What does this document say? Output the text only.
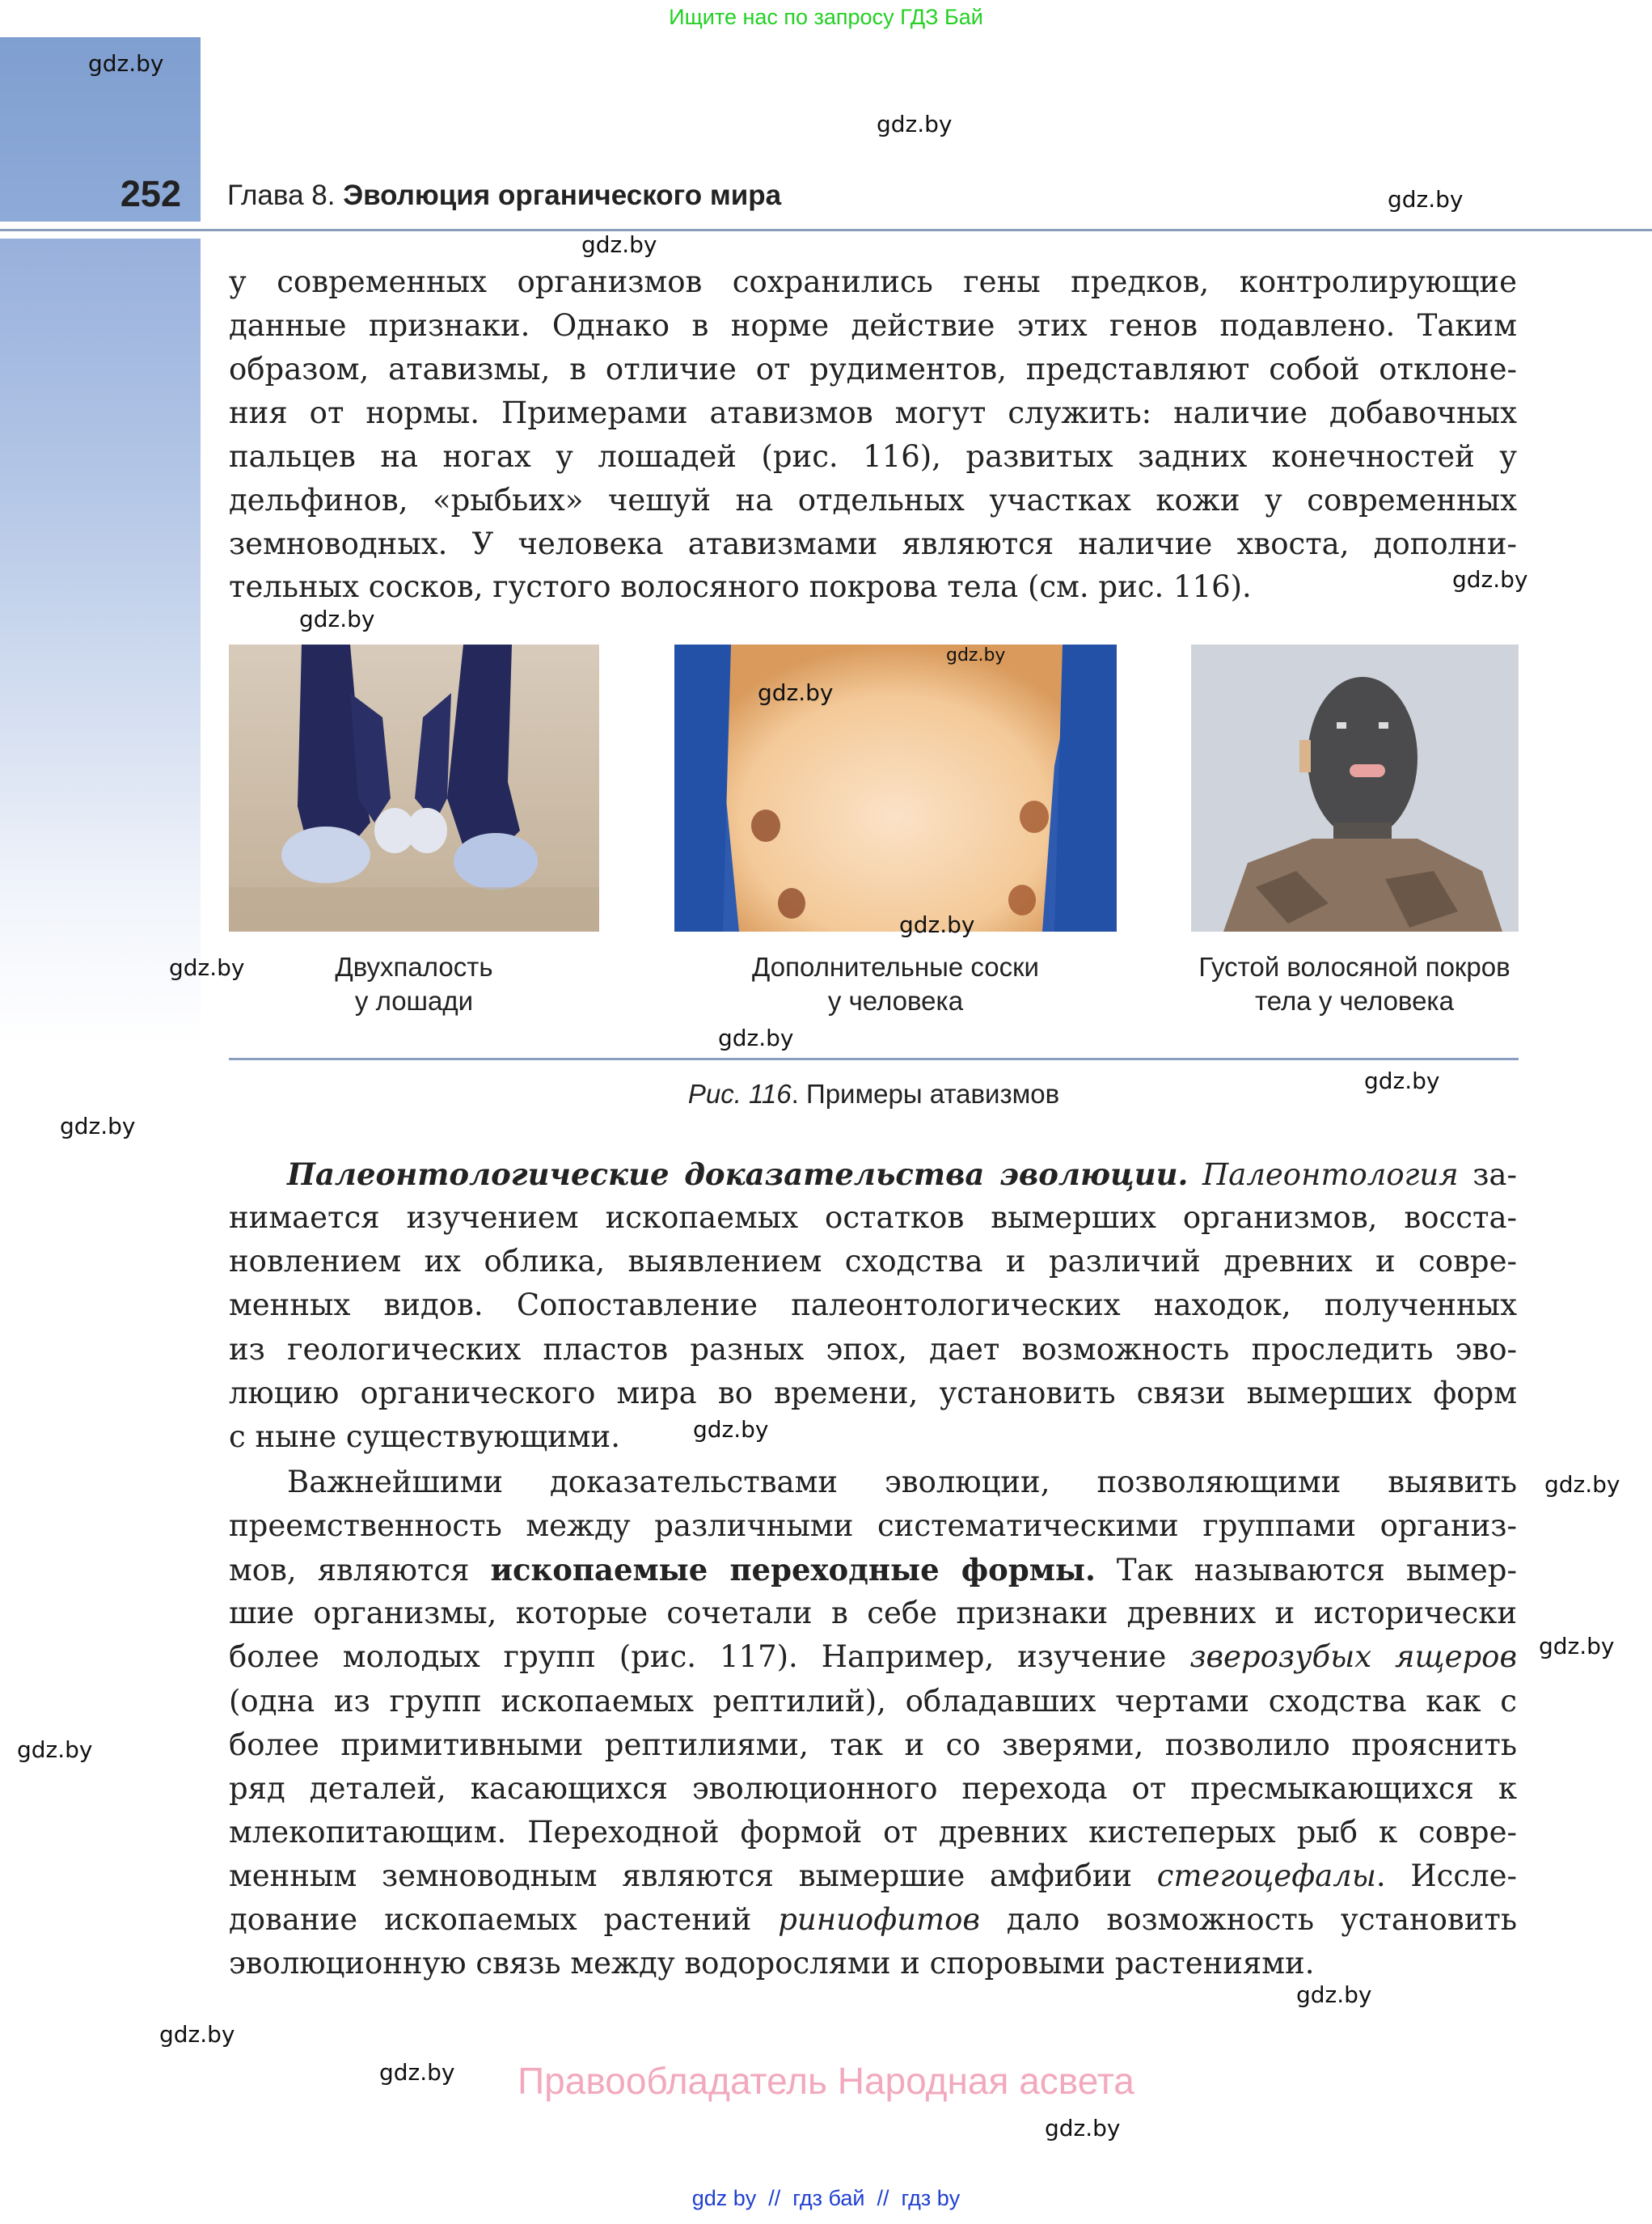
Ищите нас по запросу ГДЗ Бай
252 Глава 8. Эволюция органического мира
у современных организмов сохранились гены предков, контролирующие
данные признаки. Однако в норме действие этих генов подавлено. Таким
образом, атавизмы, в отличие от рудиментов, представляют собой отклоне-
ния от нормы. Примерами атавизмов могут служить: наличие добавочных
пальцев на ногах у лошадей (рис. 116), развитых задних конечностей у
дельфинов, «рыбьих» чешуй на отдельных участках кожи у современных
земноводных. У человека атавизмами являются наличие хвоста, дополни-
тельных сосков, густого волосяного покрова тела (см. рис. 116).
Двухпалость
у лошади
Дополнительные соски
у человека
Густой волосяной покров
тела у человека
Рис. 116. Примеры атавизмов
Палеонтологические доказательства эволюции. Палеонтология за-
нимается изучением ископаемых остатков вымерших организмов, восста-
новлением их облика, выявлением сходства и различий древних и совре-
менных видов. Сопоставление палеонтологических находок, полученных
из геологических пластов разных эпох, дает возможность проследить эво-
люцию органического мира во времени, установить связи вымерших форм
с ныне существующими.
Важнейшими доказательствами эволюции, позволяющими выявить
преемственность между различными систематическими группами организ-
мов, являются ископаемые переходные формы. Так называются вымер-
шие организмы, которые сочетали в себе признаки древних и исторически
более молодых групп (рис. 117). Например, изучение зверозубых ящеров
(одна из групп ископаемых рептилий), обладавших чертами сходства как с
более примитивными рептилиями, так и со зверями, позволило прояснить
ряд деталей, касающихся эволюционного перехода от пресмыкающихся к
млекопитающим. Переходной формой от древних кистеперых рыб к совре-
менным земноводным являются вымершие амфибии стегоцефалы. Иссле-
дование ископаемых растений риниофитов дало возможность установить
эволюционную связь между водорослями и споровыми растениями.
gdz.by
gdz.by
gdz.by
gdz.by
gdz.by
gdz.by
gdz.by
gdz.by
gdz.by
gdz.by
gdz.by
gdz.by
gdz.by
gdz.by
gdz.by
gdz.by
gdz.by
gdz.by
gdz.by
gdz.by
gdz.by
Правообладатель Народная асвета
gdz by  //  гдз бай  //  гдз by
